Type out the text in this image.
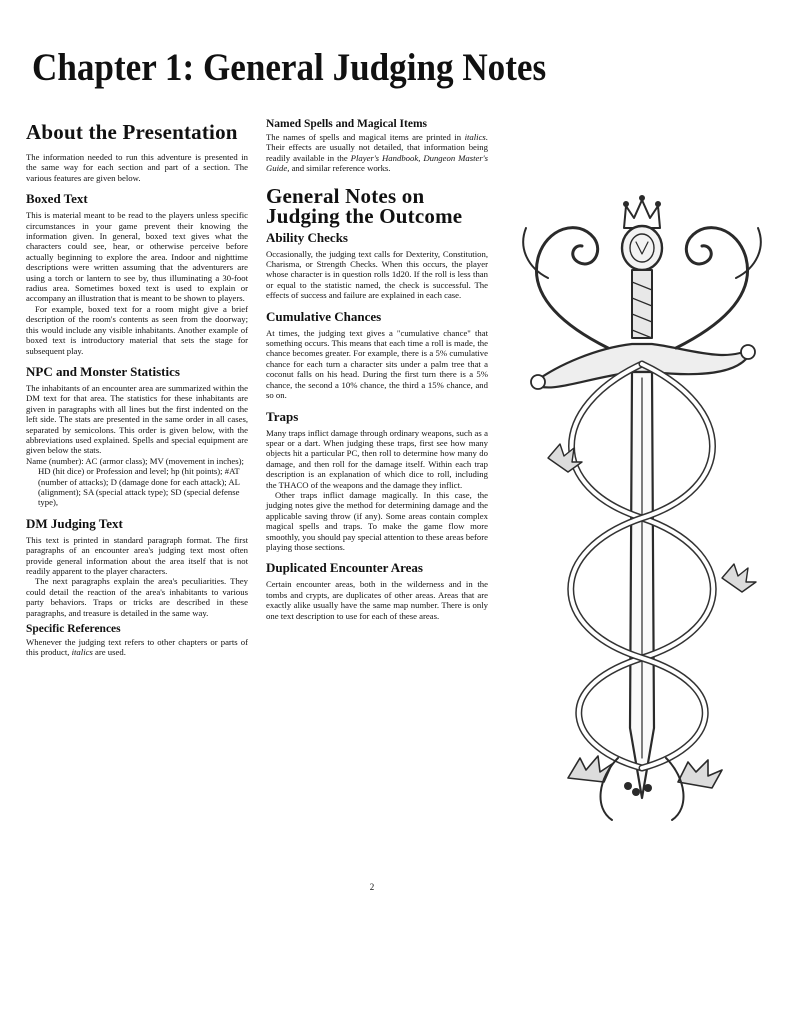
Chapter 1: General Judging Notes
About the Presentation

The information needed to run this adventure is presented in the same way for each section and part of a section. The various features are given below.

Boxed Text

This is material meant to be read to the players unless specific circumstances in your game prevent their knowing the information given. In general, boxed text gives what the characters could see, hear, or otherwise perceive before actually beginning to explore the area. Indoor and nighttime descriptions were written assuming that the adventurers are using a torch or lantern to see by, thus illuminating a 30-foot radius area. Sometimes boxed text is used to explain or accompany an illustration that is meant to be shown to players.

For example, boxed text for a room might give a brief description of the room's contents as seen from the doorway; this would include any visible inhabitants. Another example of boxed text is introductory material that sets the stage for subsequent play.

NPC and Monster Statistics

The inhabitants of an encounter area are summarized within the DM text for that area. The statistics for these inhabitants are given in paragraphs with all lines but the first indented on the left side. The stats are presented in the same order in all cases, separated by semicolons. This order is given below, with the abbreviations used explained. Spells and special equipment are given below the stats.

Name (number): AC (armor class); MV (movement in inches); HD (hit dice) or Profession and level; hp (hit points); #AT (number of attacks); D (damage done for each attack); AL (alignment); SA (special attack type); SD (special defense type),

DM Judging Text

This text is printed in standard paragraph format. The first paragraphs of an encounter area's judging text most often provide general information about the area itself that is not readily apparent to the player characters.

The next paragraphs explain the area's peculiarities. They could detail the reaction of the area's inhabitants to various party behaviors. Traps or tricks are described in these paragraphs, and treasure is detailed in the same way.

Specific References

Whenever the judging text refers to other chapters or parts of this product, italics are used.

Named Spells and Magical Items

The names of spells and magical items are printed in italics. Their effects are usually not detailed, that information being readily available in the Player's Handbook, Dungeon Master's Guide, and similar reference works.

General Notes on Judging the Outcome
Ability Checks

Occasionally, the judging text calls for Dexterity, Constitution, Charisma, or Strength Checks. When this occurs, the player whose character is in question rolls 1d20. If the roll is less than or equal to the statistic named, the check is successful. The effects of success and failure are explained in each case.

Cumulative Chances

At times, the judging text gives a "cumulative chance" that something occurs. This means that each time a roll is made, the chance becomes greater. For example, there is a 5% cumulative chance for each turn a character sits under a palm tree that a coconut falls on his head. During the first turn there is a 5% chance, the second a 10% chance, the third a 15% chance, and so on.

Traps

Many traps inflict damage through ordinary weapons, such as a spear or a dart. When judging these traps, first see how many objects hit a particular PC, then roll to determine how many do damage, and then roll for the damage itself. Within each trap description is an explanation of which dice to roll, including the THACO of the weapons and the damage they inflict.

Other traps inflict damage magically. In this case, the judging notes give the method for determining damage and the applicable saving throw (if any). Some areas contain complex magical spells and traps. To make the game flow more smoothly, you should pay special attention to these areas before playing those sections.

Duplicated Encounter Areas

Certain encounter areas, both in the wilderness and in the tombs and crypts, are duplicates of other areas. Areas that are exactly alike usually have the same map number. There is only one text description to use for each of these areas.

2
